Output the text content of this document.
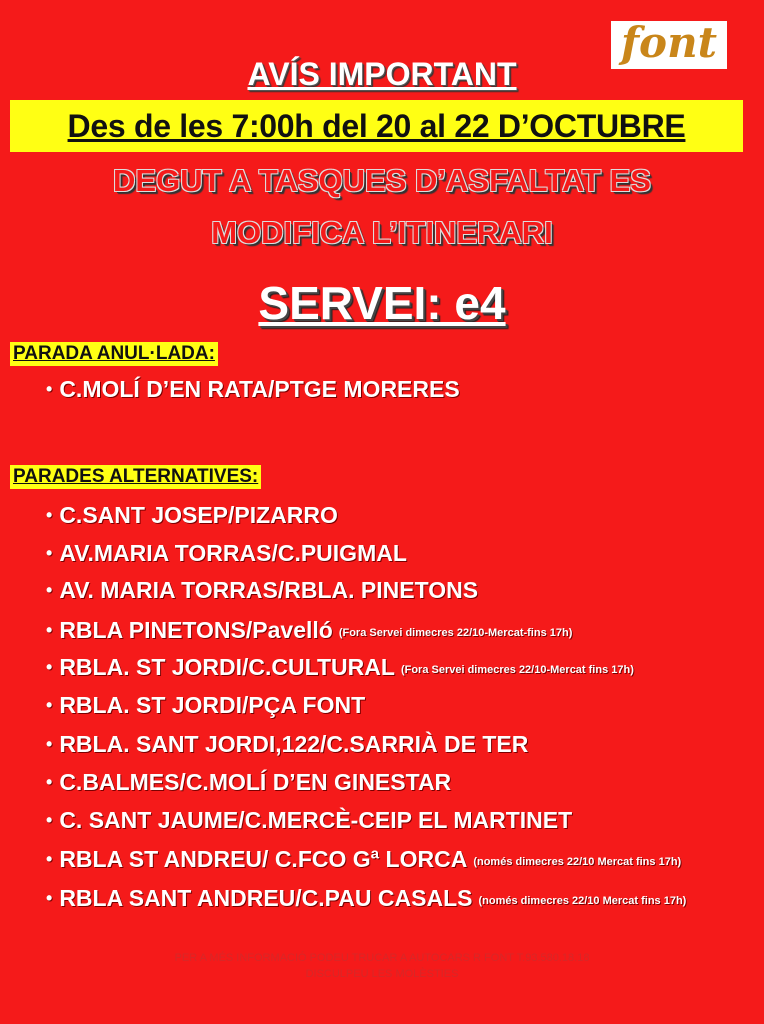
font
AVÍS IMPORTANT
Des de les 7:00h del 20 al 22 D’OCTUBRE
DEGUT A TASQUES D’ASFALTAT ES
MODIFICA L’ITINERARI
SERVEI: e4
PARADA ANUL·LADA:
• C.MOLÍ D’EN RATA/PTGE MORERES
PARADES ALTERNATIVES:
• C.SANT JOSEP/PIZARRO
• AV.MARIA TORRAS/C.PUIGMAL
• AV. MARIA TORRAS/RBLA. PINETONS
• RBLA PINETONS/Pavelló (Fora Servei dimecres 22/10-Mercat-fins 17h)
• RBLA. ST JORDI/C.CULTURAL (Fora Servei dimecres 22/10-Mercat fins 17h)
• RBLA. ST JORDI/PÇA FONT
• RBLA. SANT JORDI,122/C.SARRIÀ DE TER
• C.BALMES/C.MOLÍ D’EN GINESTAR
• C. SANT JAUME/C.MERCÈ-CEIP EL MARTINET
• RBLA ST ANDREU/ C.FCO Gª LORCA (només dimecres 22/10 Mercat fins 17h)
• RBLA SANT ANDREU/C.PAU CASALS (només dimecres 22/10 Mercat fins 17h)
PER A MÉS INFORMACIÓ PODEU TRUCAR A AUTOCARS R FONT T.93.580.18.18
DISCULPEU LES MOLÈSTIES
